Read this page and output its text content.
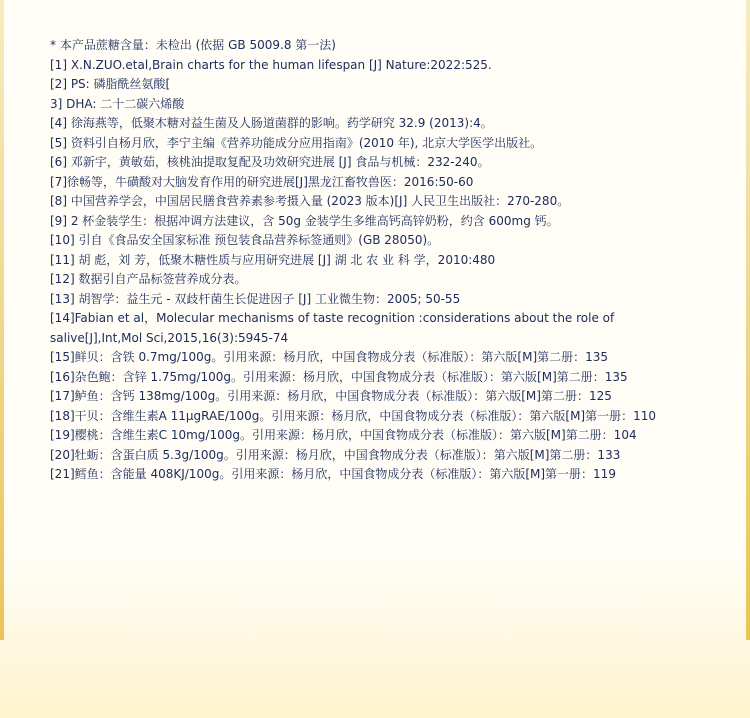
* 本产品蔗糖含量：未检出 (依据 GB 5009.8 第一法)

[1] X.N.ZUO.etal,Brain charts for the human lifespan [J] Nature:2022:525.

[2] PS: 磷脂酰丝氨酸[

3] DHA: 二十二碳六烯酸

[4] 徐海燕等，低聚木糖对益生菌及人肠道菌群的影响。药学研究 32.9 (2013):4。

[5] 资料引自杨月欣，李宁主编《营养功能成分应用指南》(2010 年), 北京大学医学出版社。

[6] 邓新宇，黄敏茹，核桃油提取复配及功效研究进展 [J] 食品与机械：232-240。

[7]徐畅等，牛磺酸对大脑发育作用的研究进展[J]黑龙江畜牧兽医：2016:50-60

[8] 中国营养学会，中国居民膳食营养素参考摄入量 (2023 版本)[J] 人民卫生出版社：270-280。

[9] 2 杯金装学生：根据冲调方法建议，含 50g 金装学生多维高钙高锌奶粉，约含 600mg 钙。

[10] 引自《食品安全国家标准 预包装食品营养标签通则》(GB 28050)。

[11] 胡 彪，刘 芳，低聚木糖性质与应用研究进展 [J] 湖 北 农 业 科 学，2010:480

[12] 数据引自产品标签营养成分表。

[13] 胡智学：益生元 - 双歧杆菌生长促进因子 [J] 工业微生物：2005; 50-55

[14]Fabian et al，Molecular mechanisms of taste recognition :considerations about the role of salive[J],Int,Mol Sci,2015,16(3):5945-74

[15]鲜贝：含铁 0.7mg/100g。引用来源：杨月欣，中国食物成分表（标准版）：第六版[M]第二册：135

[16]杂色鲍：含锌 1.75mg/100g。引用来源：杨月欣，中国食物成分表（标准版）：第六版[M]第二册：135

[17]鲈鱼：含钙 138mg/100g。引用来源：杨月欣，中国食物成分表（标准版）：第六版[M]第二册：125

[18]干贝：含维生素A 11μgRAE/100g。引用来源：杨月欣，中国食物成分表（标准版）：第六版[M]第一册：110

[19]樱桃：含维生素C 10mg/100g。引用来源：杨月欣，中国食物成分表（标准版）：第六版[M]第二册：104

[20]牡蛎：含蛋白质 5.3g/100g。引用来源：杨月欣，中国食物成分表（标准版）：第六版[M]第二册：133

[21]鳕鱼：含能量 408KJ/100g。引用来源：杨月欣，中国食物成分表（标准版）：第六版[M]第一册：119
